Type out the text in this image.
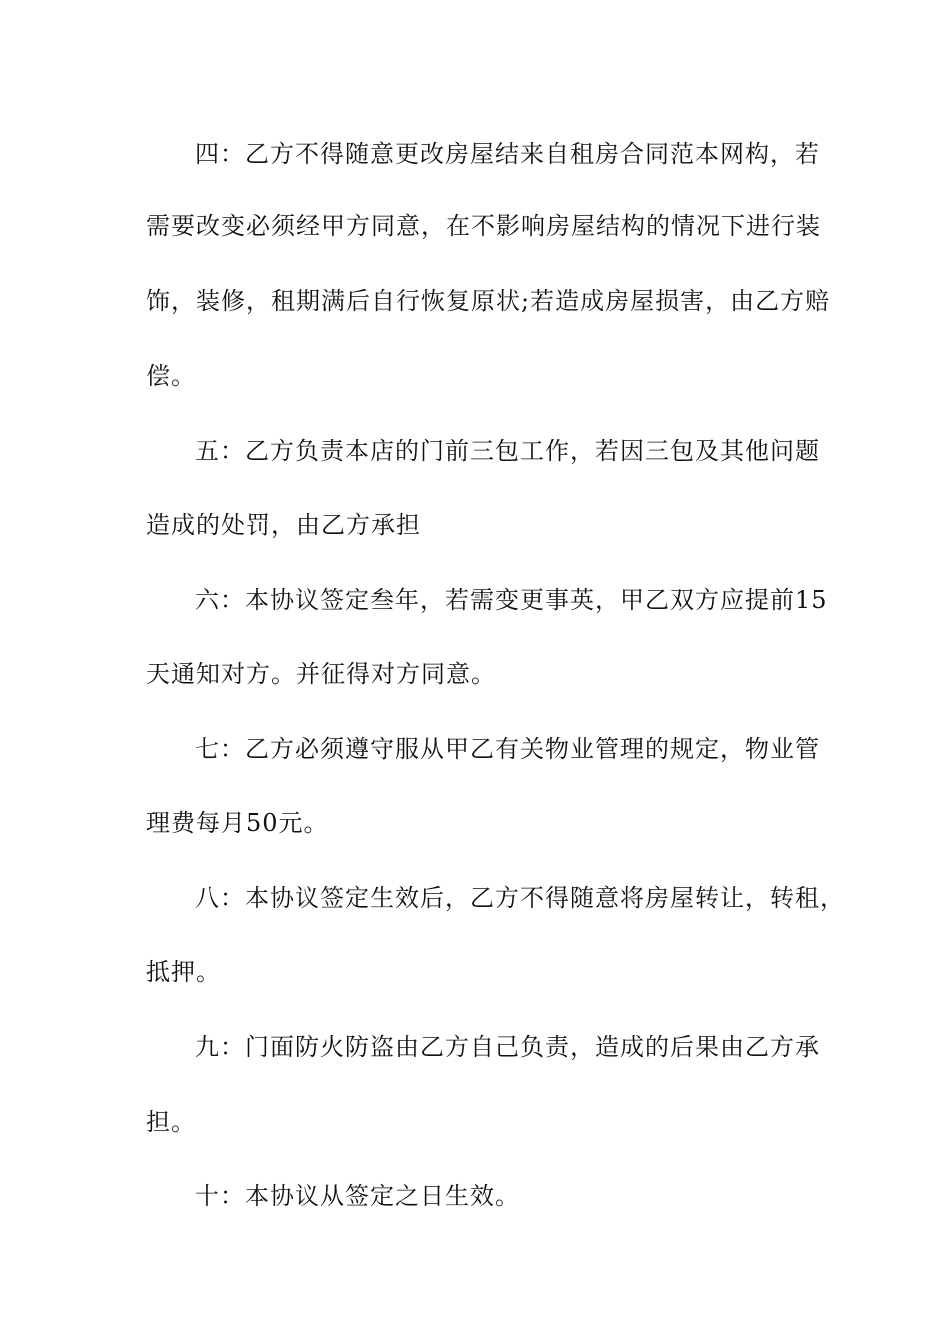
四：乙方不得随意更改房屋结来自租房合同范本网构，若
需要改变必须经甲方同意，在不影响房屋结构的情况下进行装
饰，装修，租期满后自行恢复原状;若造成房屋损害，由乙方赔
偿。
五：乙方负责本店的门前三包工作，若因三包及其他问题
造成的处罚，由乙方承担
六：本协议签定叁年，若需变更事英，甲乙双方应提前15
天通知对方。并征得对方同意。
七：乙方必须遵守服从甲乙有关物业管理的规定，物业管
理费每月50元。
八：本协议签定生效后，乙方不得随意将房屋转让，转租，
抵押。
九：门面防火防盗由乙方自己负责，造成的后果由乙方承
担。
十：本协议从签定之日生效。
